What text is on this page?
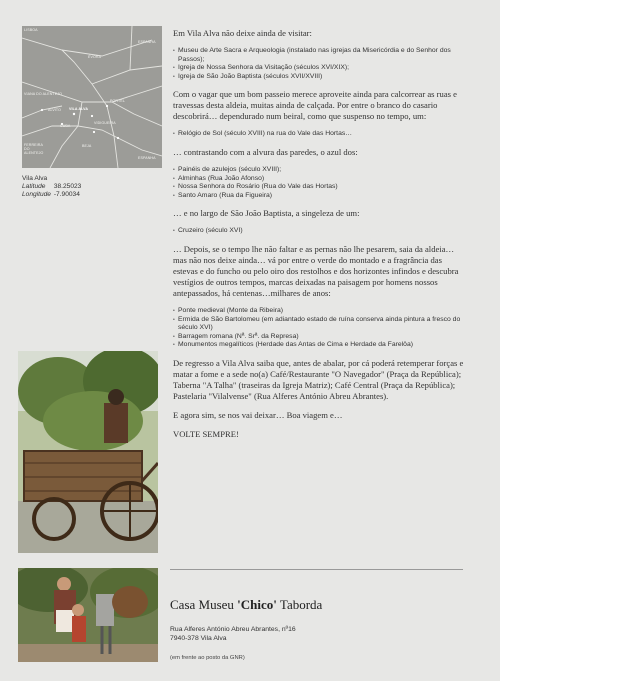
LISBOA
ESPANHA
ÉVORA
VIANA DO ALENTEJO
PORTEL
ALVITO VILA ALVA
VIDIGUEIRA
CUBA
FERREIRA DO ALENTEJO
BEJA
ESPANHA
Vila Alva
Latitude 38.25023
Longitude -7.90034

Em Vila Alva não deixe ainda de visitar:

• Museu de Arte Sacra e Arqueologia (instalado nas igrejas da Misericórdia e do Senhor dos Passos);
• Igreja de Nossa Senhora da Visitação (séculos XVI/XIX);
• Igreja de São João Baptista (séculos XVII/XVIII)

Com o vagar que um bom passeio merece aproveite ainda para calcorrear as ruas e travessas desta aldeia, muitas ainda de calçada. Por entre o branco do casario descobrirá… dependurado num beiral, como que suspenso no tempo, um:

• Relógio de Sol (século XVIII) na rua do Vale das Hortas…

… contrastando com a alvura das paredes, o azul dos:

• Painéis de azulejos (século XVIII);
• Alminhas (Rua João Afonso)
• Nossa Senhora do Rosário (Rua do Vale das Hortas)
• Santo Amaro (Rua da Figueira)

… e no largo de São João Baptista, a singeleza de um:

• Cruzeiro (século XVI)

… Depois, se o tempo lhe não faltar e as pernas não lhe pesarem, saia da aldeia… mas não nos deixe ainda… vá por entre o verde do montado e a fragrância das estevas e do funcho ou pelo oiro dos restolhos e dos horizontes infindos e descubra vestígios de outros tempos, marcas deixadas na paisagem por homens nossos antepassados, há centenas…milhares de anos:

• Ponte medieval (Monte da Ribeira)
• Ermida de São Bartolomeu (em adiantado estado de ruína conserva ainda pintura a fresco do século XVI)
• Barragem romana (Nª. Srª. da Represa)
• Monumentos megalíticos (Herdade das Antas de Cima e Herdade da Farelôa)

De regresso a Vila Alva saiba que, antes de abalar, por cá poderá retemperar forças e matar a fome e a sede no(a) Café/Restaurante "O Navegador" (Praça da República); Taberna "A Talha" (traseiras da Igreja Matriz); Café Central (Praça da República); Pastelaria "Vilalvense" (Rua Alferes António Abreu Abrantes).

E agora sim, se nos vai deixar… Boa viagem e…

VOLTE SEMPRE!

Casa Museu 'Chico' Taborda
Rua Alferes António Abreu Abrantes, nº16
7940-378 Vila Alva
(em frente ao posto da GNR)
